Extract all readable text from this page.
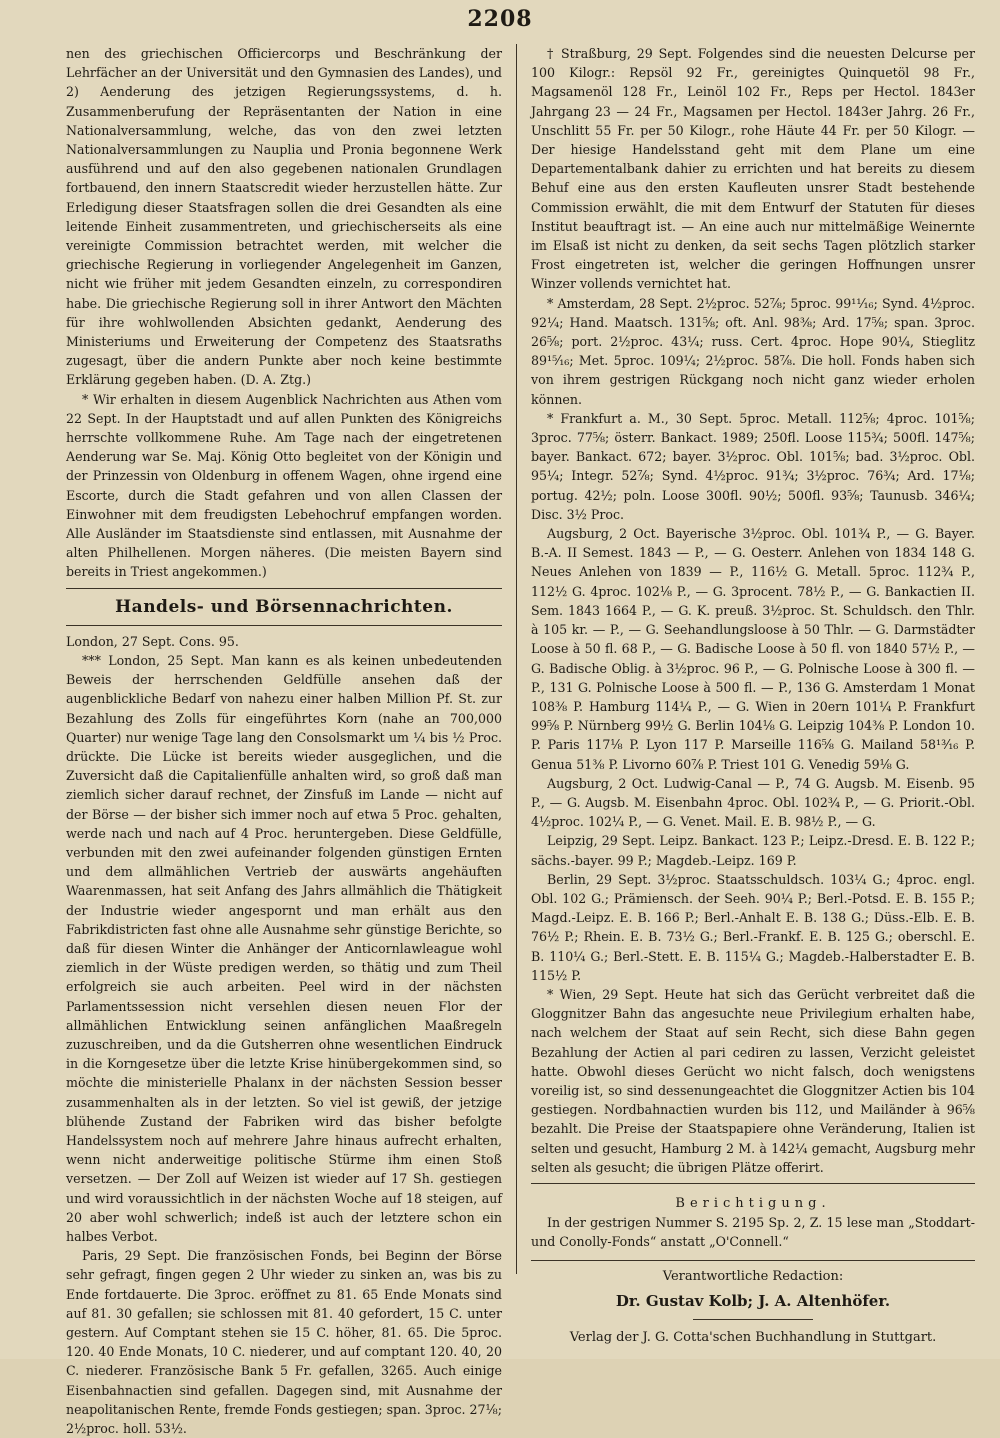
2208

nen des griechischen Officiercorps und Beschränkung der Lehrfächer an der Universität und den Gymnasien des Landes), und 2) Aenderung des jetzigen Regierungssystems, d. h. Zusammenberufung der Repräsentanten der Nation in eine Nationalversammlung, welche, das von den zwei letzten Nationalversammlungen zu Nauplia und Pronia begonnene Werk ausführend und auf den also gegebenen nationalen Grundlagen fortbauend, den innern Staatscredit wieder herzustellen hätte. Zur Erledigung dieser Staatsfragen sollen die drei Gesandten als eine leitende Einheit zusammentreten, und griechischerseits als eine vereinigte Commission betrachtet werden, mit welcher die griechische Regierung in vorliegender Angelegenheit im Ganzen, nicht wie früher mit jedem Gesandten einzeln, zu correspondiren habe. Die griechische Regierung soll in ihrer Antwort den Mächten für ihre wohlwollenden Absichten gedankt, Aenderung des Ministeriums und Erweiterung der Competenz des Staatsraths zugesagt, über die andern Punkte aber noch keine bestimmte Erklärung gegeben haben. (D. A. Ztg.)

* Wir erhalten in diesem Augenblick Nachrichten aus Athen vom 22 Sept. In der Hauptstadt und auf allen Punkten des Königreichs herrschte vollkommene Ruhe. Am Tage nach der eingetretenen Aenderung war Se. Maj. König Otto begleitet von der Königin und der Prinzessin von Oldenburg in offenem Wagen, ohne irgend eine Escorte, durch die Stadt gefahren und von allen Classen der Einwohner mit dem freudigsten Lebehochruf empfangen worden. Alle Ausländer im Staatsdienste sind entlassen, mit Ausnahme der alten Philhellenen. Morgen näheres. (Die meisten Bayern sind bereits in Triest angekommen.)

Handels- und Börsennachrichten.

London, 27 Sept. Cons. 95.

*** London, 25 Sept. Man kann es als keinen unbedeutenden Beweis der herrschenden Geldfülle ansehen daß der augenblickliche Bedarf von nahezu einer halben Million Pf. St. zur Bezahlung des Zolls für eingeführtes Korn (nahe an 700,000 Quarter) nur wenige Tage lang den Consolsmarkt um ¼ bis ½ Proc. drückte. Die Lücke ist bereits wieder ausgeglichen, und die Zuversicht daß die Capitalienfülle anhalten wird, so groß daß man ziemlich sicher darauf rechnet, der Zinsfuß im Lande — nicht auf der Börse — der bisher sich immer noch auf etwa 5 Proc. gehalten, werde nach und nach auf 4 Proc. heruntergeben. Diese Geldfülle, verbunden mit den zwei aufeinander folgenden günstigen Ernten und dem allmählichen Vertrieb der auswärts angehäuften Waarenmassen, hat seit Anfang des Jahrs allmählich die Thätigkeit der Industrie wieder angespornt und man erhält aus den Fabrikdistricten fast ohne alle Ausnahme sehr günstige Berichte, so daß für diesen Winter die Anhänger der Anticornlawleague wohl ziemlich in der Wüste predigen werden, so thätig und zum Theil erfolgreich sie auch arbeiten. Peel wird in der nächsten Parlamentssession nicht versehlen diesen neuen Flor der allmählichen Entwicklung seinen anfänglichen Maaßregeln zuzuschreiben, und da die Gutsherren ohne wesentlichen Eindruck in die Korngesetze über die letzte Krise hinübergekommen sind, so möchte die ministerielle Phalanx in der nächsten Session besser zusammenhalten als in der letzten. So viel ist gewiß, der jetzige blühende Zustand der Fabriken wird das bisher befolgte Handelssystem noch auf mehrere Jahre hinaus aufrecht erhalten, wenn nicht anderweitige politische Stürme ihm einen Stoß versetzen. — Der Zoll auf Weizen ist wieder auf 17 Sh. gestiegen und wird voraussichtlich in der nächsten Woche auf 18 steigen, auf 20 aber wohl schwerlich; indeß ist auch der letztere schon ein halbes Verbot.

Paris, 29 Sept. Die französischen Fonds, bei Beginn der Börse sehr gefragt, fingen gegen 2 Uhr wieder zu sinken an, was bis zu Ende fortdauerte. Die 3proc. eröffnet zu 81. 65 Ende Monats sind auf 81. 30 gefallen; sie schlossen mit 81. 40 gefordert, 15 C. unter gestern. Auf Comptant stehen sie 15 C. höher, 81. 65. Die 5proc. 120. 40 Ende Monats, 10 C. niederer, und auf comptant 120. 40, 20 C. niederer. Französische Bank 5 Fr. gefallen, 3265. Auch einige Eisenbahnactien sind gefallen. Dagegen sind, mit Ausnahme der neapolitanischen Rente, fremde Fonds gestiegen; span. 3proc. 27⅛; 2½proc. holl. 53½.

† Straßburg, 29 Sept. Folgendes sind die neuesten Delcurse per 100 Kilogr.: Repsöl 92 Fr., gereinigtes Quinquetöl 98 Fr., Magsamenöl 128 Fr., Leinöl 102 Fr., Reps per Hectol. 1843er Jahrgang 23 — 24 Fr., Magsamen per Hectol. 1843er Jahrg. 26 Fr., Unschlitt 55 Fr. per 50 Kilogr., rohe Häute 44 Fr. per 50 Kilogr. — Der hiesige Handelsstand geht mit dem Plane um eine Departementalbank dahier zu errichten und hat bereits zu diesem Behuf eine aus den ersten Kaufleuten unsrer Stadt bestehende Commission erwählt, die mit dem Entwurf der Statuten für dieses Institut beauftragt ist. — An eine auch nur mittelmäßige Weinernte im Elsaß ist nicht zu denken, da seit sechs Tagen plötzlich starker Frost eingetreten ist, welcher die geringen Hoffnungen unsrer Winzer vollends vernichtet hat.

* Amsterdam, 28 Sept. 2½proc. 52⅞; 5proc. 99¹¹⁄₁₆; Synd. 4½proc. 92¼; Hand. Maatsch. 131⅝; oft. Anl. 98⅜; Ard. 17⅝; span. 3proc. 26⅝; port. 2½proc. 43¼; russ. Cert. 4proc. Hope 90¼, Stieglitz 89¹⁵⁄₁₆; Met. 5proc. 109¼; 2½proc. 58⅞. Die holl. Fonds haben sich von ihrem gestrigen Rückgang noch nicht ganz wieder erholen können.

* Frankfurt a. M., 30 Sept. 5proc. Metall. 112⅝; 4proc. 101⅝; 3proc. 77⅝; österr. Bankact. 1989; 250fl. Loose 115¾; 500fl. 147⅝; bayer. Bankact. 672; bayer. 3½proc. Obl. 101⅝; bad. 3½proc. Obl. 95¼; Integr. 52⅞; Synd. 4½proc. 91¾; 3½proc. 76¾; Ard. 17⅛; portug. 42½; poln. Loose 300fl. 90½; 500fl. 93⅝; Taunusb. 346¼; Disc. 3½ Proc.

Augsburg, 2 Oct. Bayerische 3½proc. Obl. 101¾ P., — G. Bayer. B.-A. II Semest. 1843 — P., — G. Oesterr. Anlehen von 1834 148 G. Neues Anlehen von 1839 — P., 116½ G. Metall. 5proc. 112¾ P., 112½ G. 4proc. 102⅛ P., — G. 3procent. 78½ P., — G. Bankactien II. Sem. 1843 1664 P., — G. K. preuß. 3½proc. St. Schuldsch. den Thlr. à 105 kr. — P., — G. Seehandlungsloose à 50 Thlr. — G. Darmstädter Loose à 50 fl. 68 P., — G. Badische Loose à 50 fl. von 1840 57½ P., — G. Badische Oblig. à 3½proc. 96 P., — G. Polnische Loose à 300 fl. — P., 131 G. Polnische Loose à 500 fl. — P., 136 G. Amsterdam 1 Monat 108⅜ P. Hamburg 114¼ P., — G. Wien in 20ern 101¼ P. Frankfurt 99⅝ P. Nürnberg 99½ G. Berlin 104⅛ G. Leipzig 104⅜ P. London 10. P. Paris 117⅛ P. Lyon 117 P. Marseille 116⅝ G. Mailand 58¹³⁄₁₆ P. Genua 51⅜ P. Livorno 60⅞ P. Triest 101 G. Venedig 59⅛ G.

Augsburg, 2 Oct. Ludwig-Canal — P., 74 G. Augsb. M. Eisenb. 95 P., — G. Augsb. M. Eisenbahn 4proc. Obl. 102¾ P., — G. Priorit.-Obl. 4½proc. 102¼ P., — G. Venet. Mail. E. B. 98½ P., — G.

Leipzig, 29 Sept. Leipz. Bankact. 123 P.; Leipz.-Dresd. E. B. 122 P.; sächs.-bayer. 99 P.; Magdeb.-Leipz. 169 P.

Berlin, 29 Sept. 3½proc. Staatsschuldsch. 103¼ G.; 4proc. engl. Obl. 102 G.; Prämiensch. der Seeh. 90¼ P.; Berl.-Potsd. E. B. 155 P.; Magd.-Leipz. E. B. 166 P.; Berl.-Anhalt E. B. 138 G.; Düss.-Elb. E. B. 76½ P.; Rhein. E. B. 73½ G.; Berl.-Frankf. E. B. 125 G.; oberschl. E. B. 110¼ G.; Berl.-Stett. E. B. 115¼ G.; Magdeb.-Halberstadter E. B. 115½ P.

* Wien, 29 Sept. Heute hat sich das Gerücht verbreitet daß die Gloggnitzer Bahn das angesuchte neue Privilegium erhalten habe, nach welchem der Staat auf sein Recht, sich diese Bahn gegen Bezahlung der Actien al pari cediren zu lassen, Verzicht geleistet hatte. Obwohl dieses Gerücht wo nicht falsch, doch wenigstens voreilig ist, so sind dessenungeachtet die Gloggnitzer Actien bis 104 gestiegen. Nordbahnactien wurden bis 112, und Mailänder à 96⅝ bezahlt. Die Preise der Staatspapiere ohne Veränderung, Italien ist selten und gesucht, Hamburg 2 M. à 142¼ gemacht, Augsburg mehr selten als gesucht; die übrigen Plätze offerirt.

Berichtigung.

In der gestrigen Nummer S. 2195 Sp. 2, Z. 15 lese man „Stoddart- und Conolly-Fonds“ anstatt „O'Connell.“

Verantwortliche Redaction:
Dr. Gustav Kolb; J. A. Altenhöfer.
Verlag der J. G. Cotta'schen Buchhandlung in Stuttgart.
